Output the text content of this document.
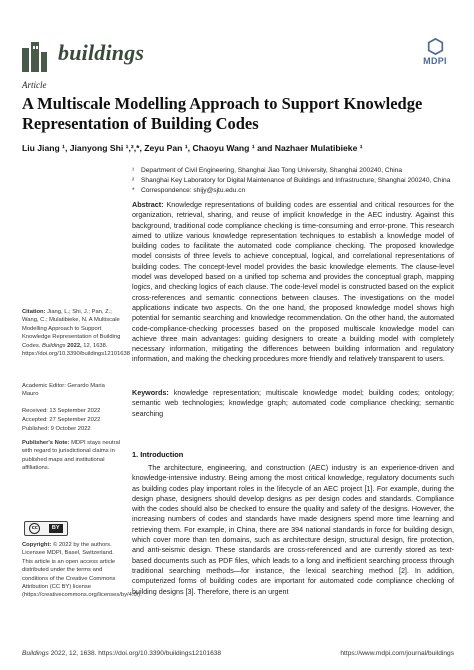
buildings	MDPI
Article
A Multiscale Modelling Approach to Support Knowledge Representation of Building Codes
Liu Jiang ¹, Jianyong Shi ¹,²,*, Zeyu Pan ¹, Chaoyu Wang ¹ and Nazhaer Mulatibieke ¹
¹ Department of Civil Engineering, Shanghai Jiao Tong University, Shanghai 200240, China
² Shanghai Key Laboratory for Digital Maintenance of Buildings and Infrastructure, Shanghai 200240, China
* Correspondence: shijy@sjtu.edu.cn
Abstract: Knowledge representations of building codes are essential and critical resources for the organization, retrieval, sharing, and reuse of implicit knowledge in the AEC industry. Against this background, traditional code compliance checking is time-consuming and error-prone. This research aimed to utilize various knowledge representation techniques to establish a knowledge model of building codes to facilitate the automated code compliance checking. The proposed knowledge model consists of three levels to achieve conceptual, logical, and correlational representations of building codes. The concept-level model provides the basic knowledge elements. The clause-level model was developed based on a unified top schema and provides the conceptual graph, mapping logics, and checking logics of each clause. The code-level model is constructed based on the explicit cross-references and semantic connections between clauses. The investigations on the model applications indicate two aspects. On the one hand, the proposed knowledge model shows high potential for semantic searching and knowledge recommendation. On the other hand, the automated code-compliance-checking processes based on the proposed multiscale knowledge model can achieve three main advantages: guiding designers to create a building model with completely necessary information, mitigating the differences between building information and regulatory information, and making the checking procedures more friendly and relatively transparent to users.
Keywords: knowledge representation; multiscale knowledge model; building codes; ontology; semantic web technologies; knowledge graph; automated code compliance checking; semantic searching
1. Introduction
The architecture, engineering, and construction (AEC) industry is an experience-driven and knowledge-intensive industry. Being among the most critical knowledge, regulatory documents such as building codes play important roles in the lifecycle of an AEC project [1]. For example, during the design phase, designers should develop designs as per design codes and standards. Compliance with the codes should also be checked to ensure the quality and safety of the designs. However, the increasing numbers of codes and standards have made designers spend more time learning and retrieving them. For example, in China, there are 394 national standards in force for building design, which cover more than ten domains, such as architecture design, structural design, fire protection, and anti-seismic design. These standards are cross-referenced and are currently stored as text-based documents such as PDF files, which leads to a long and inefficient searching process through traditional searching methods—for instance, the lexical searching method [2]. In addition, computerized forms of building codes are important for automated code compliance checking of building designs [3]. Therefore, there is an urgent
Citation: Jiang, L.; Shi, J.; Pan, Z.; Wang, C.; Mulatibieke, N. A Multiscale Modelling Approach to Support Knowledge Representation of Building Codes. Buildings 2022, 12, 1638. https://doi.org/10.3390/buildings12101638
Academic Editor: Gerardo Maria Mauro
Received: 13 September 2022
Accepted: 27 September 2022
Published: 9 October 2022
Publisher's Note: MDPI stays neutral with regard to jurisdictional claims in published maps and institutional affiliations.
cc	BY
Copyright: © 2022 by the authors. Licensee MDPI, Basel, Switzerland. This article is an open access article distributed under the terms and conditions of the Creative Commons Attribution (CC BY) license (https://creativecommons.org/licenses/by/4.0/).
Buildings 2022, 12, 1638. https://doi.org/10.3390/buildings12101638	https://www.mdpi.com/journal/buildings
